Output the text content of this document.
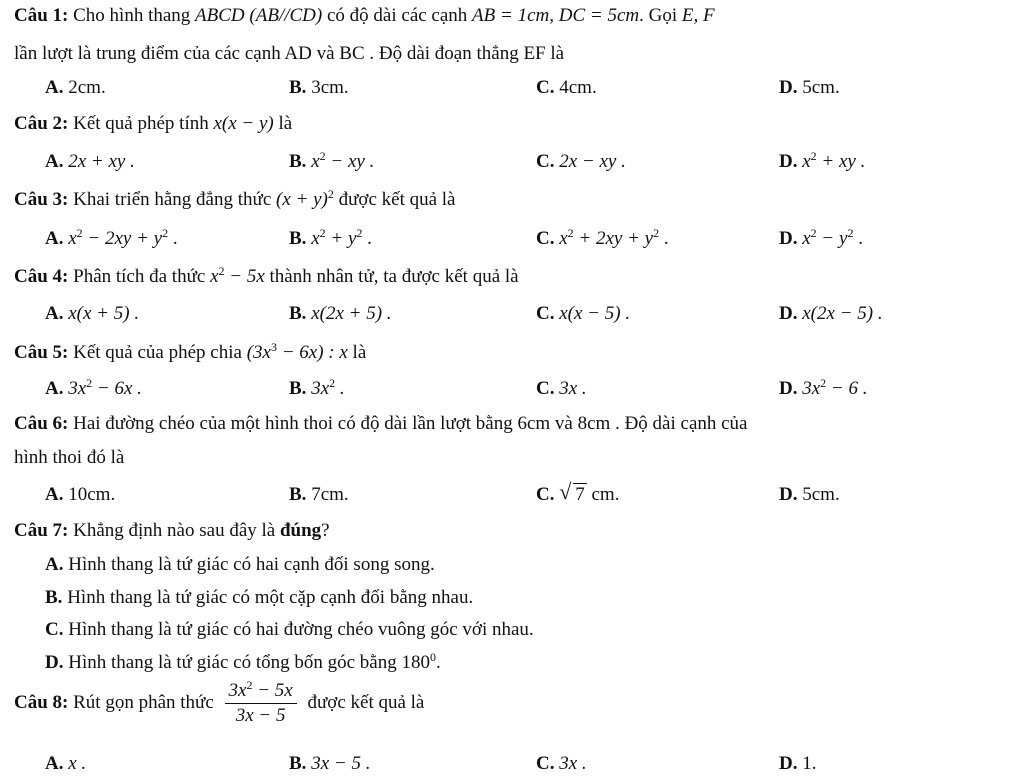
Câu 1: Cho hình thang ABCD (AB//CD) có độ dài các cạnh AB = 1cm, DC = 5cm. Gọi E, F
lần lượt là trung điểm của các cạnh AD và BC . Độ dài đoạn thẳng EF là
A. 2cm.	B. 3cm.	C. 4cm.	D. 5cm.
Câu 2: Kết quả phép tính x(x − y) là
A. 2x + xy .	B. $x^2$ − xy .	C. 2x − xy .	D. $x^2$ + xy .
Câu 3: Khai triển hằng đẳng thức $(x + y)^2$ được kết quả là
A. $x^2 - 2xy + y^2$ .	B. $x^2 + y^2$ .	C. $x^2 + 2xy + y^2$ .	D. $x^2 - y^2$ .
Câu 4: Phân tích đa thức $x^2 - 5x$ thành nhân tử, ta được kết quả là
A. x(x + 5) .	B. x(2x + 5) .	C. x(x − 5) .	D. x(2x − 5) .
Câu 5: Kết quả của phép chia $(3x^3 - 6x)$ : x là
A. $3x^2 - 6x$ .	B. $3x^2$ .	C. 3x .	D. $3x^2 - 6$ .
Câu 6: Hai đường chéo của một hình thoi có độ dài lần lượt bằng 6cm và 8cm . Độ dài cạnh của
hình thoi đó là
A. 10cm.	B. 7cm.	C. √ 7 cm.	D. 5cm.
Câu 7: Khẳng định nào sau đây là đúng?
A. Hình thang là tứ giác có hai cạnh đối song song.
B. Hình thang là tứ giác có một cặp cạnh đối bằng nhau.
C. Hình thang là tứ giác có hai đường chéo vuông góc với nhau.
D. Hình thang là tứ giác có tổng bốn góc bằng $180^0$.
Câu 8: Rút gọn phân thức $\frac{3x^2 - 5x}{3x - 5}$ được kết quả là
A. x .	B. 3x − 5 .	C. 3x .	D. 1.
